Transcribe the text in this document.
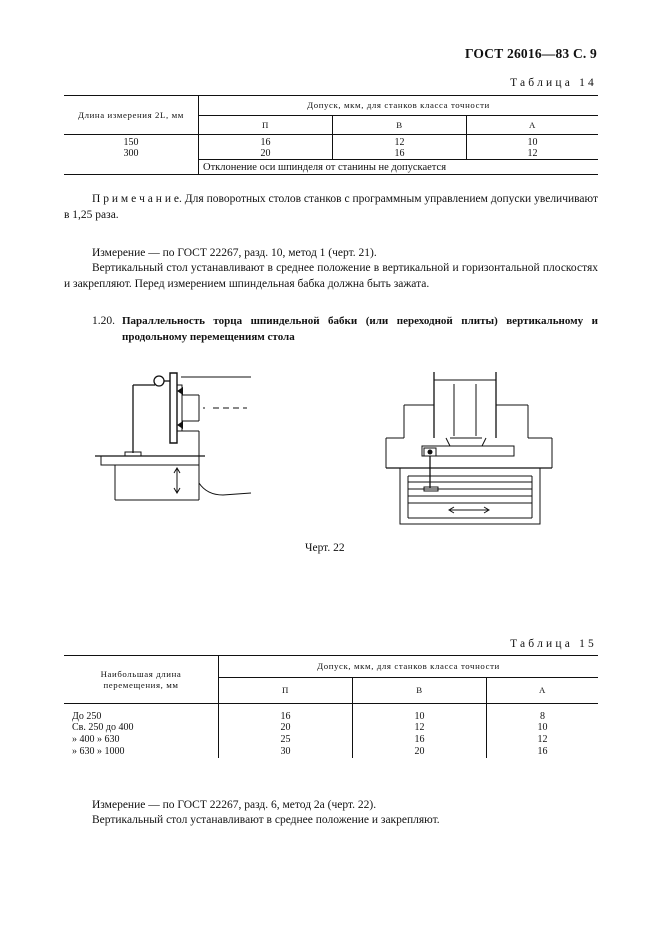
ГОСТ 26016—83 С. 9
Таблица 14
Длина измерения 2L, мм	Допуск, мкм, для станков класса точности		
	П	В	А
150	16	12	10
300	20	16	12
	Отклонение оси шпинделя от станины не допускается		
П р и м е ч а н и е. Для поворотных столов станков с программным управлением допуски увеличивают в 1,25 раза.
Измерение — по ГОСТ 22267, разд. 10, метод 1 (черт. 21).
Вертикальный стол устанавливают в среднее положение в вертикальной и горизонтальной плоскостях и закрепляют. Перед измерением шпиндельная бабка должна быть зажата.
1.20. Параллельность торца шпиндельной бабки (или переходной плиты) вертикальному и продольному перемещениям стола
Черт. 22
Таблица 15
Наибольшая длина перемещения, мм	Допуск, мкм, для станков класса точности		
	П	В	А
До 250	16	10	8
Св. 250 до 400	20	12	10
» 400 » 630	25	16	12
» 630 » 1000	30	20	16
Измерение — по ГОСТ 22267, разд. 6, метод 2а (черт. 22).
Вертикальный стол устанавливают в среднее положение и закрепляют.
